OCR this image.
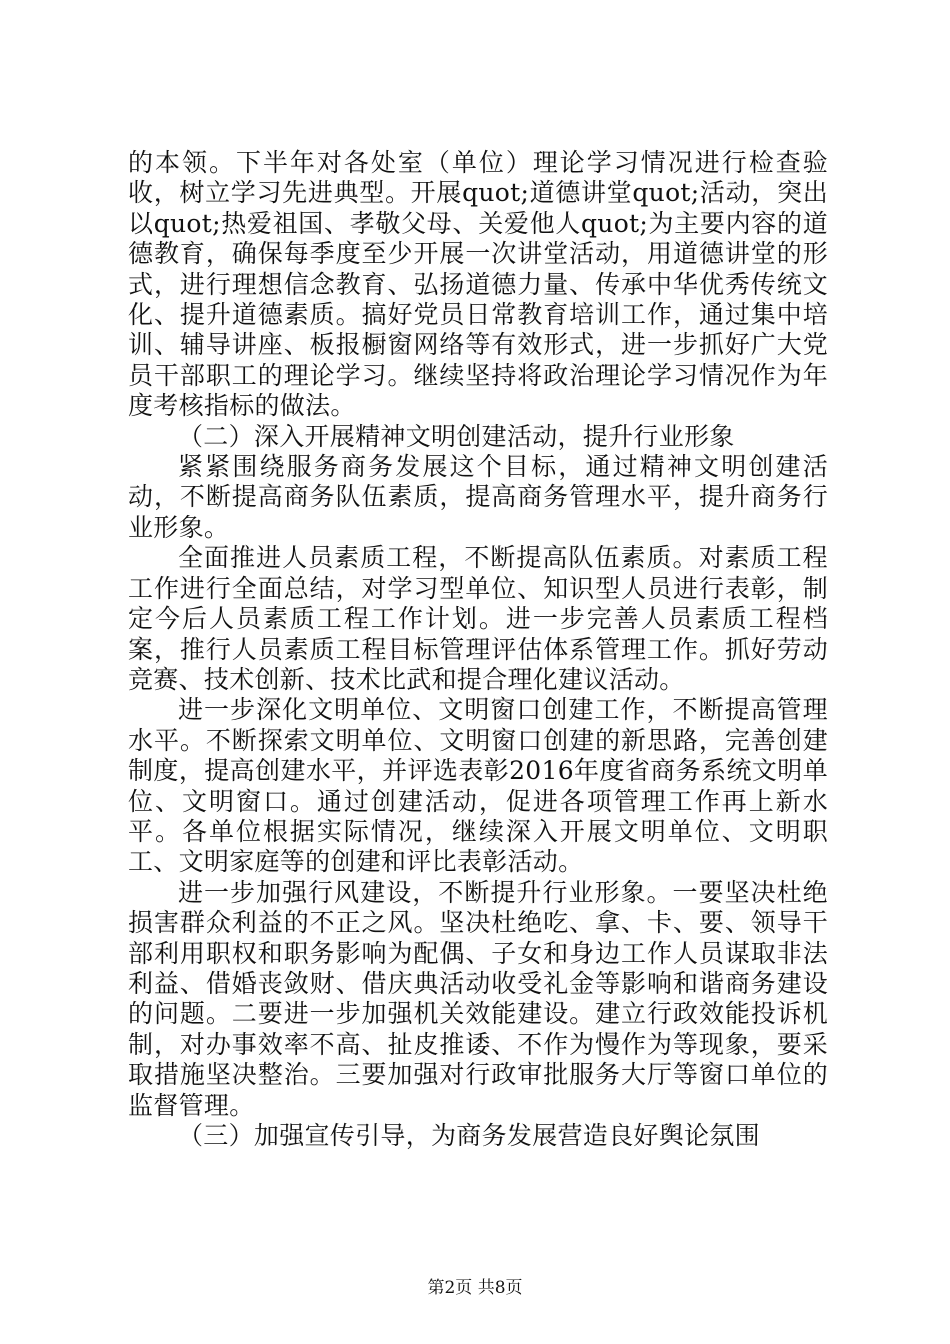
的本领。下半年对各处室（单位）理论学习情况进行检查验收，树立学习先进典型。开展quot;道德讲堂quot;活动，突出以quot;热爱祖国、孝敬父母、关爱他人quot;为主要内容的道德教育，确保每季度至少开展一次讲堂活动，用道德讲堂的形式，进行理想信念教育、弘扬道德力量、传承中华优秀传统文化、提升道德素质。搞好党员日常教育培训工作，通过集中培训、辅导讲座、板报橱窗网络等有效形式，进一步抓好广大党员干部职工的理论学习。继续坚持将政治理论学习情况作为年度考核指标的做法。

（二）深入开展精神文明创建活动，提升行业形象

紧紧围绕服务商务发展这个目标，通过精神文明创建活动，不断提高商务队伍素质，提高商务管理水平，提升商务行业形象。

全面推进人员素质工程，不断提高队伍素质。对素质工程工作进行全面总结，对学习型单位、知识型人员进行表彰，制定今后人员素质工程工作计划。进一步完善人员素质工程档案，推行人员素质工程目标管理评估体系管理工作。抓好劳动竞赛、技术创新、技术比武和提合理化建议活动。

进一步深化文明单位、文明窗口创建工作，不断提高管理水平。不断探索文明单位、文明窗口创建的新思路，完善创建制度，提高创建水平，并评选表彰2016年度省商务系统文明单位、文明窗口。通过创建活动，促进各项管理工作再上新水平。各单位根据实际情况，继续深入开展文明单位、文明职工、文明家庭等的创建和评比表彰活动。

进一步加强行风建设，不断提升行业形象。一要坚决杜绝损害群众利益的不正之风。坚决杜绝吃、拿、卡、要、领导干部利用职权和职务影响为配偶、子女和身边工作人员谋取非法利益、借婚丧敛财、借庆典活动收受礼金等影响和谐商务建设的问题。二要进一步加强机关效能建设。建立行政效能投诉机制，对办事效率不高、扯皮推诿、不作为慢作为等现象，要采取措施坚决整治。三要加强对行政审批服务大厅等窗口单位的监督管理。

（三）加强宣传引导，为商务发展营造良好舆论氛围

第2页 共8页
